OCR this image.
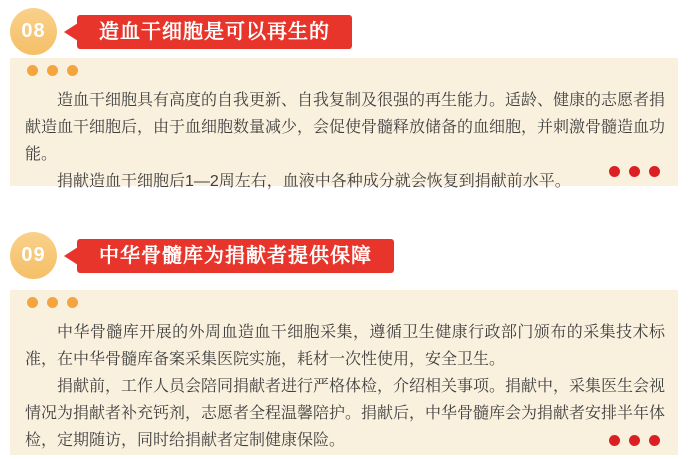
08	造血干细胞是可以再生的

造血干细胞具有高度的自我更新、自我复制及很强的再生能力。适龄、健康的志愿者捐献造血干细胞后，由于血细胞数量减少，会促使骨髓释放储备的血细胞，并刺激骨髓造血功能。

捐献造血干细胞后1—2周左右，血液中各种成分就会恢复到捐献前水平。

09	中华骨髓库为捐献者提供保障

中华骨髓库开展的外周血造血干细胞采集，遵循卫生健康行政部门颁布的采集技术标准，在中华骨髓库备案采集医院实施，耗材一次性使用，安全卫生。

捐献前，工作人员会陪同捐献者进行严格体检，介绍相关事项。捐献中，采集医生会视情况为捐献者补充钙剂，志愿者全程温馨陪护。捐献后，中华骨髓库会为捐献者安排半年体检，定期随访，同时给捐献者定制健康保险。
